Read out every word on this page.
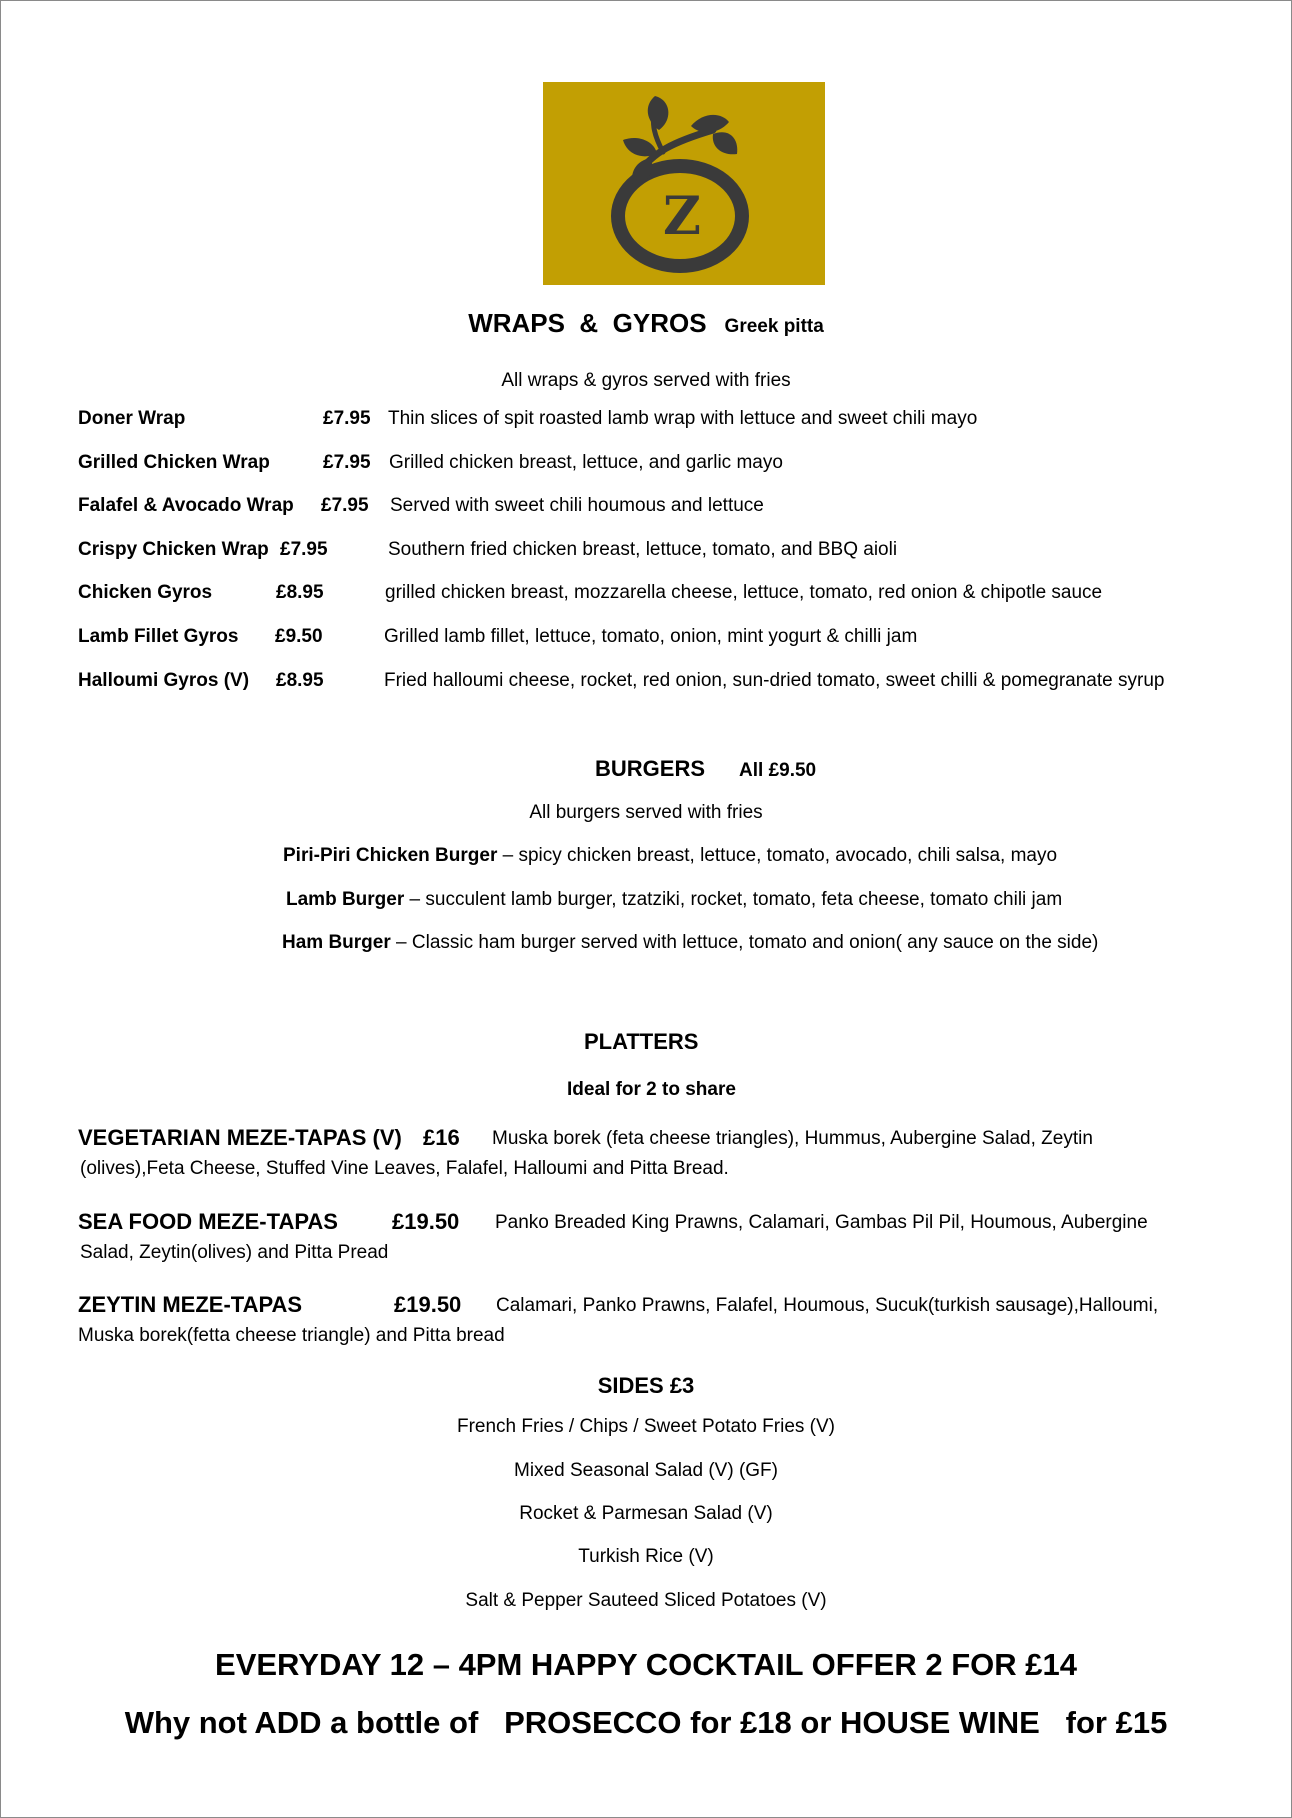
Z
WRAPS  &  GYROS Greek pitta
All wraps & gyros served with fries
Doner Wrap	£7.95 Thin slices of spit roasted lamb wrap with lettuce and sweet chili mayo
Grilled Chicken Wrap	£7.95 Grilled chicken breast, lettuce, and garlic mayo
Falafel & Avocado Wrap £7.95 Served with sweet chili houmous and lettuce
Crispy Chicken Wrap £7.95	Southern fried chicken breast, lettuce, tomato, and BBQ aioli
Chicken Gyros	£8.95	grilled chicken breast, mozzarella cheese, lettuce, tomato, red onion & chipotle sauce
Lamb Fillet Gyros £9.50	Grilled lamb fillet, lettuce, tomato, onion, mint yogurt & chilli jam
Halloumi Gyros (V) £8.95	Fried halloumi cheese, rocket, red onion, sun-dried tomato, sweet chilli & pomegranate syrup
BURGERS All £9.50
All burgers served with fries
Piri-Piri Chicken Burger – spicy chicken breast, lettuce, tomato, avocado, chili salsa, mayo
Lamb Burger – succulent lamb burger, tzatziki, rocket, tomato, feta cheese, tomato chili jam
Ham Burger – Classic ham burger served with lettuce, tomato and onion( any sauce on the side)
PLATTERS
Ideal for 2 to share
VEGETARIAN MEZE-TAPAS (V) £16 Muska borek (feta cheese triangles), Hummus, Aubergine Salad, Zeytin
(olives),Feta Cheese, Stuffed Vine Leaves, Falafel, Halloumi and Pitta Bread.
SEA FOOD MEZE-TAPAS £19.50 Panko Breaded King Prawns, Calamari, Gambas Pil Pil, Houmous, Aubergine
Salad, Zeytin(olives) and Pitta Pread
ZEYTIN MEZE-TAPAS	£19.50 Calamari, Panko Prawns, Falafel, Houmous, Sucuk(turkish sausage),Halloumi,
Muska borek(fetta cheese triangle) and Pitta bread
SIDES £3
French Fries / Chips / Sweet Potato Fries (V)
Mixed Seasonal Salad (V) (GF)
Rocket & Parmesan Salad (V)
Turkish Rice (V)
Salt & Pepper Sauteed Sliced Potatoes (V)
EVERYDAY 12 – 4PM HAPPY COCKTAIL OFFER 2 FOR £14
Why not ADD a bottle of   PROSECCO for £18 or HOUSE WINE   for £15
